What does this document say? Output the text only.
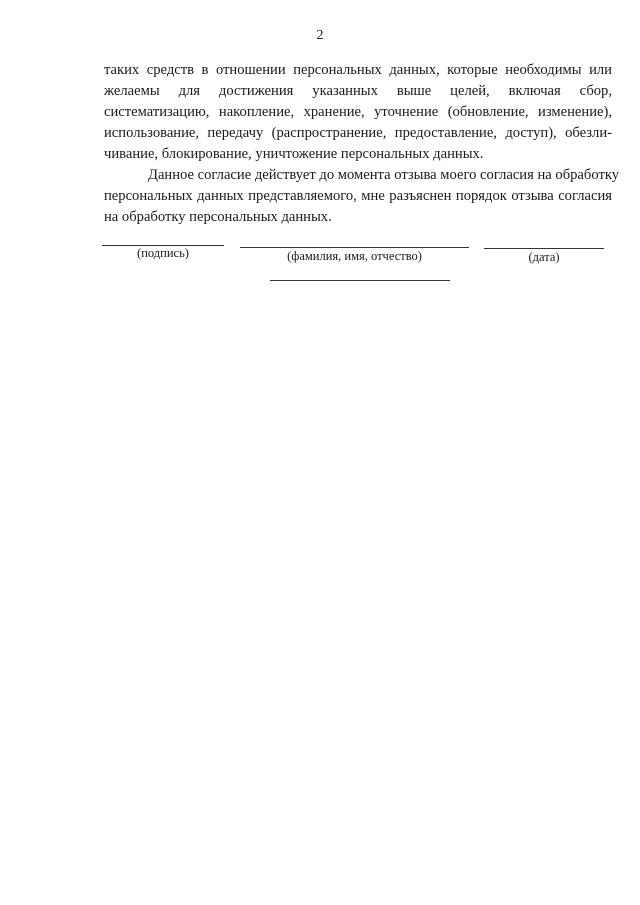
2

таких средств в отношении персональных данных, которые необходимы или
желаемы для достижения указанных выше целей, включая сбор,
систематизацию, накопление, хранение, уточнение (обновление, изменение),
использование, передачу (распространение, предоставление, доступ), обезли-
чивание, блокирование, уничтожение персональных данных.

Данное согласие действует до момента отзыва моего согласия на обработку
персональных данных представляемого, мне разъяснен порядок отзыва согласия
на обработку персональных данных.

(подпись)	(фамилия, имя, отчество)	(дата)
